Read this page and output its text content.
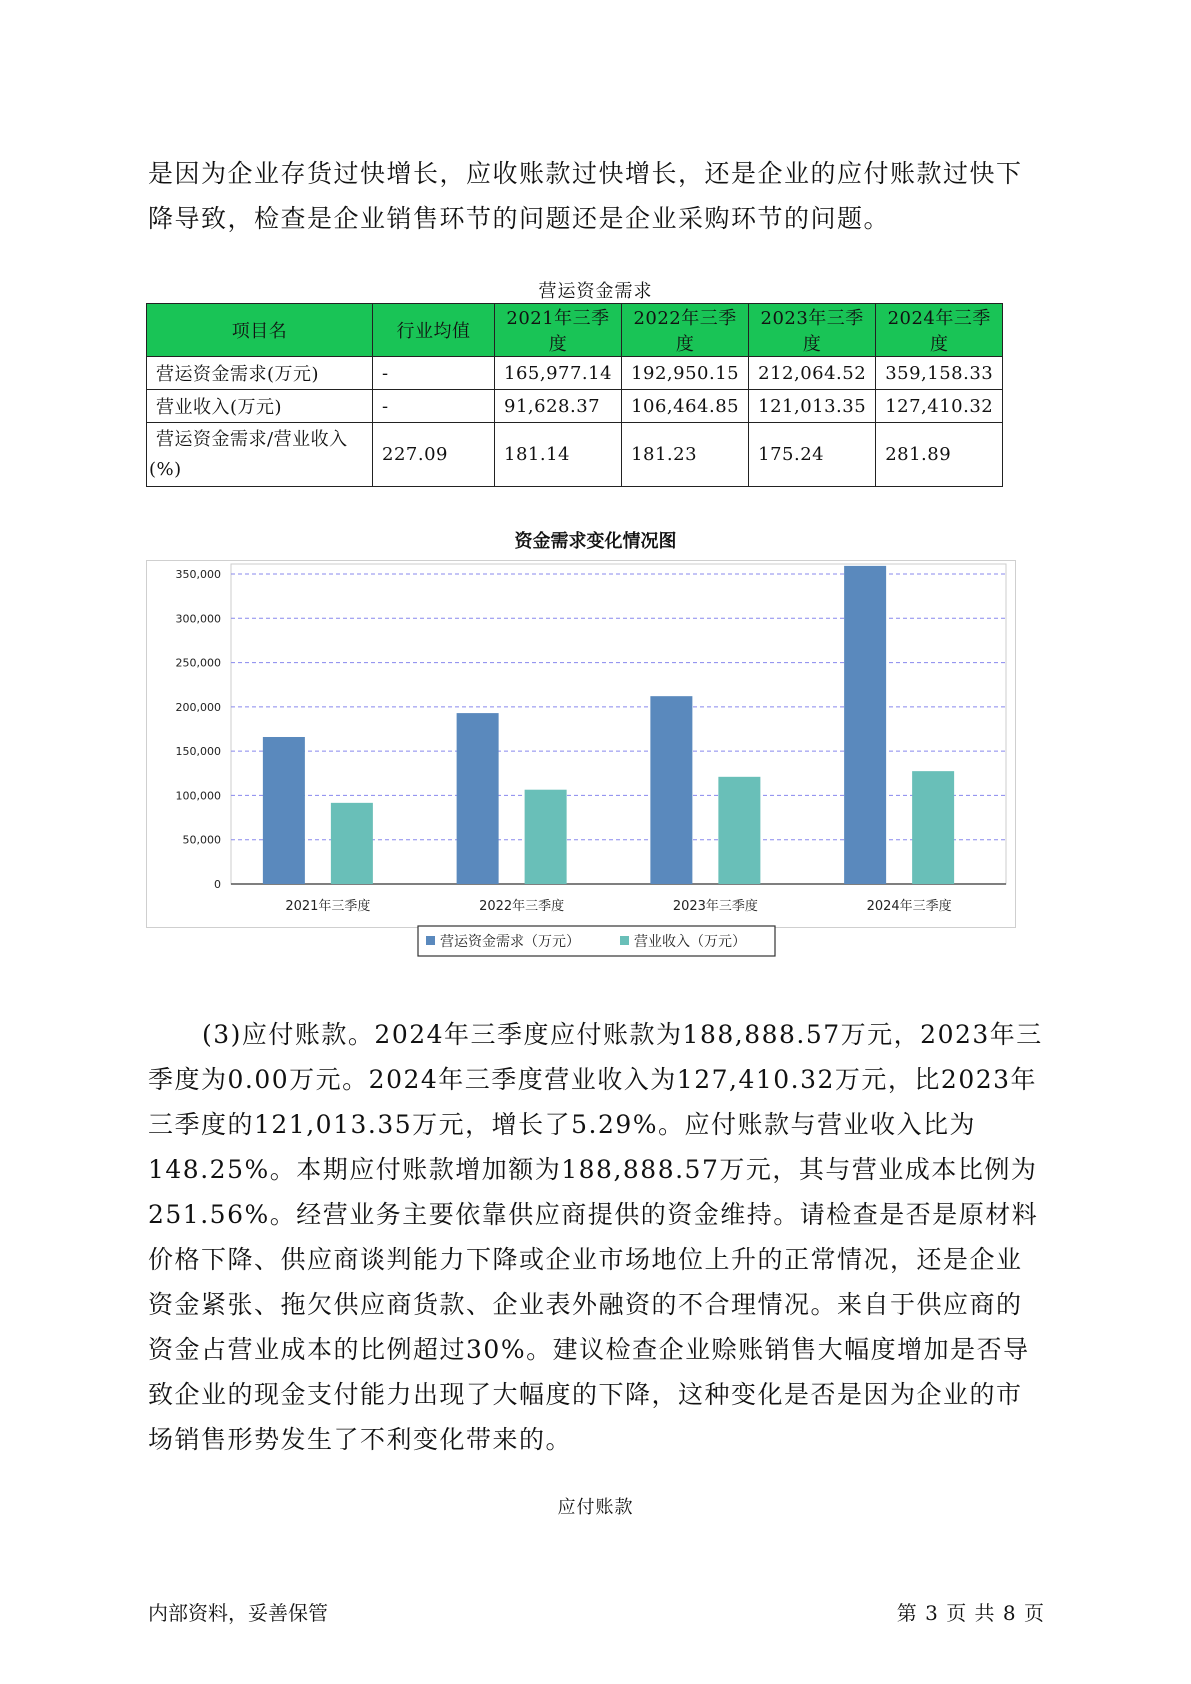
是因为企业存货过快增长，应收账款过快增长，还是企业的应付账款过快下降导致，检查是企业销售环节的问题还是企业采购环节的问题。

营运资金需求
项目名	行业均值	2021年三季度	2022年三季度	2023年三季度	2024年三季度
营运资金需求(万元)	-	165,977.14	192,950.15	212,064.52	359,158.33
营业收入(万元)	-	91,628.37	106,464.85	121,013.35	127,410.32

营运资金需求/营业收入
(%)	227.09	181.14	181.23	175.24	281.89
资金需求变化情况图
0
50,000
100,000
150,000
200,000
250,000
300,000
350,000
2021年三季度	2022年三季度	2023年三季度	2024年三季度
营运资金需求（万元）	营业收入（万元）

(3)应付账款。2024年三季度应付账款为188,888.57万元，2023年三季度为0.00万元。2024年三季度营业收入为127,410.32万元，比2023年三季度的121,013.35万元，增长了5.29%。应付账款与营业收入比为148.25%。本期应付账款增加额为188,888.57万元，其与营业成本比例为251.56%。经营业务主要依靠供应商提供的资金维持。请检查是否是原材料价格下降、供应商谈判能力下降或企业市场地位上升的正常情况，还是企业资金紧张、拖欠供应商货款、企业表外融资的不合理情况。来自于供应商的资金占营业成本的比例超过30%。建议检查企业赊账销售大幅度增加是否导致企业的现金支付能力出现了大幅度的下降，这种变化是否是因为企业的市场销售形势发生了不利变化带来的。

应付账款
内部资料，妥善保管	第 3 页 共 8 页
